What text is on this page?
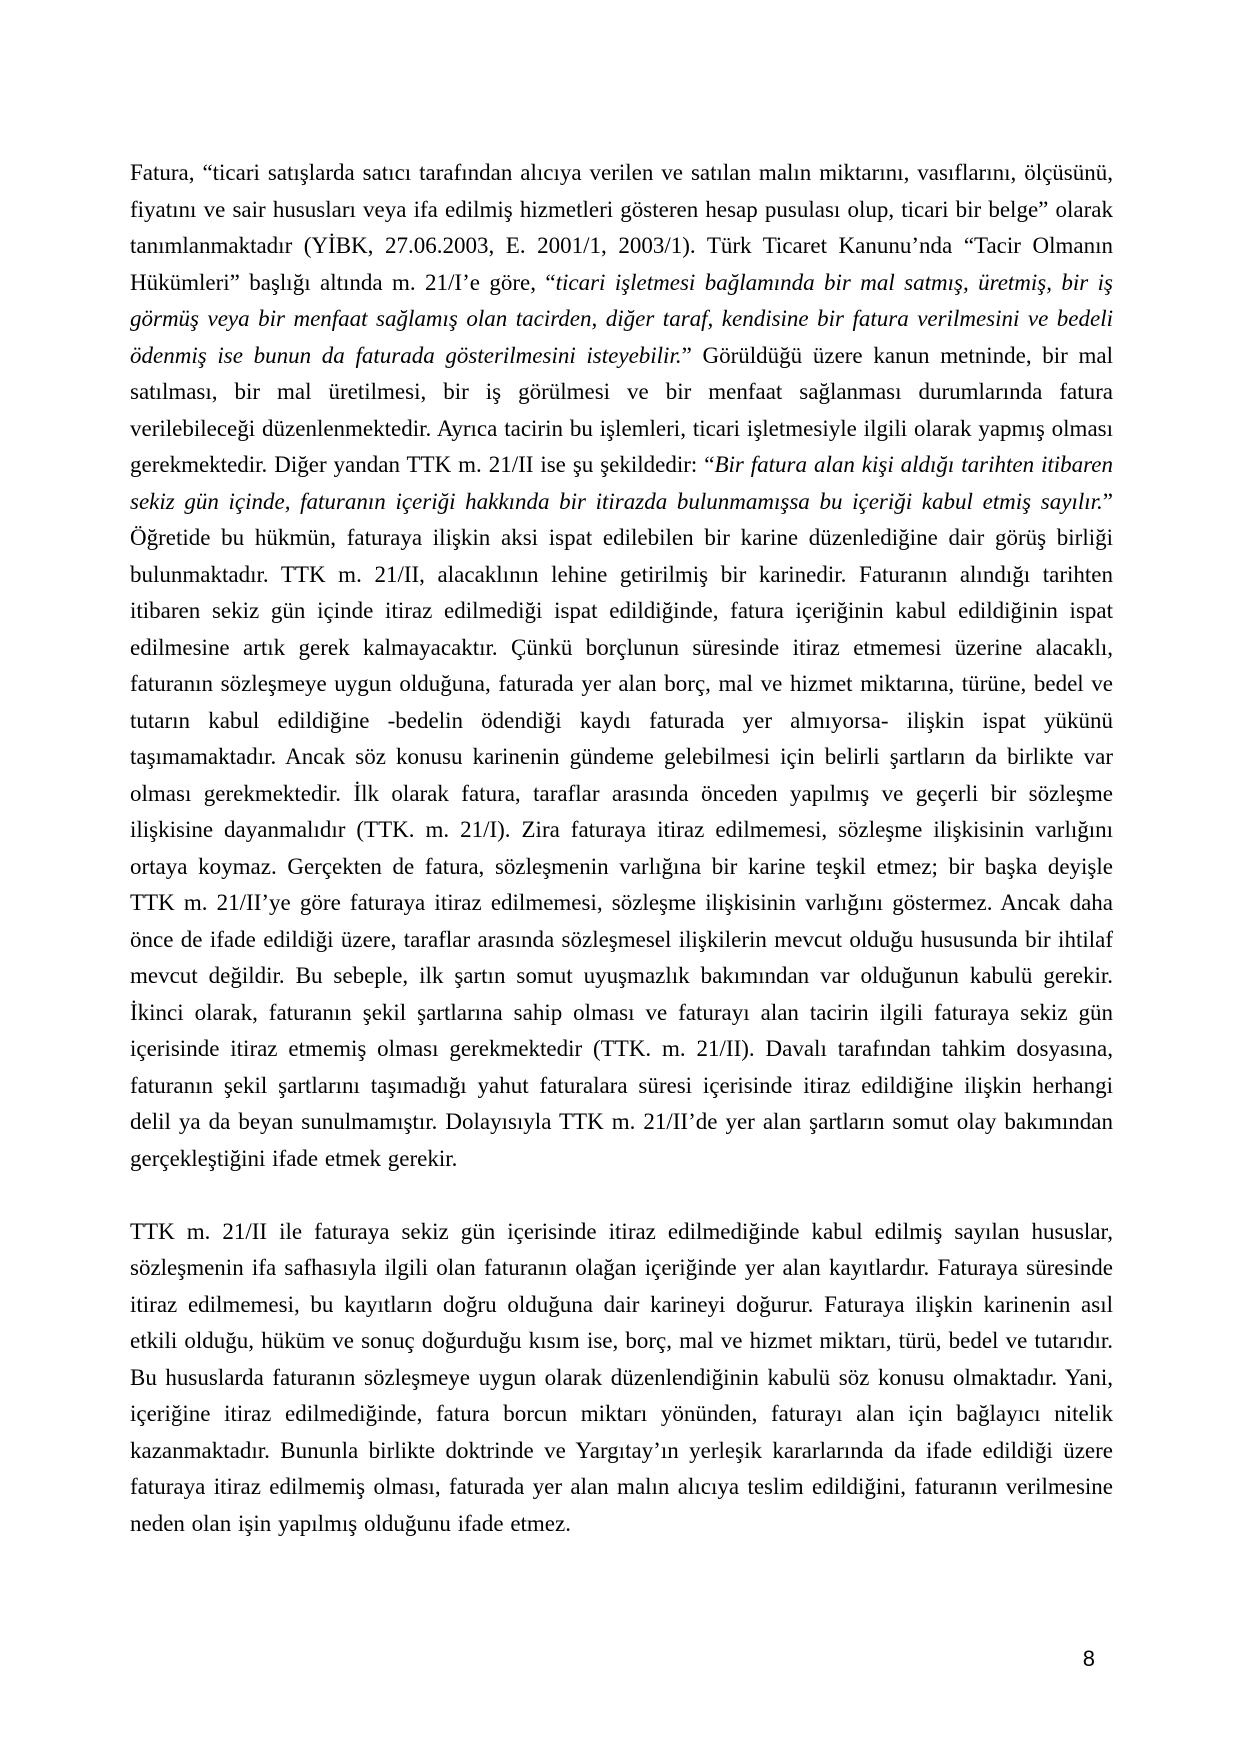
Fatura, “ticari satışlarda satıcı tarafından alıcıya verilen ve satılan malın miktarını, vasıflarını, ölçüsünü, fiyatını ve sair hususları veya ifa edilmiş hizmetleri gösteren hesap pusulası olup, ticari bir belge” olarak tanımlanmaktadır (YİBK, 27.06.2003, E. 2001/1, 2003/1). Türk Ticaret Kanunu’nda “Tacir Olmanın Hükümleri” başlığı altında m. 21/I’e göre, “ticari işletmesi bağlamında bir mal satmış, üretmiş, bir iş görmüş veya bir menfaat sağlamış olan tacirden, diğer taraf, kendisine bir fatura verilmesini ve bedeli ödenmiş ise bunun da faturada gösterilmesini isteyebilir.” Görüldüğü üzere kanun metninde, bir mal satılması, bir mal üretilmesi, bir iş görülmesi ve bir menfaat sağlanması durumlarında fatura verilebileceği düzenlenmektedir. Ayrıca tacirin bu işlemleri, ticari işletmesiyle ilgili olarak yapmış olması gerekmektedir. Diğer yandan TTK m. 21/II ise şu şekildedir: “Bir fatura alan kişi aldığı tarihten itibaren sekiz gün içinde, faturanın içeriği hakkında bir itirazda bulunmamışsa bu içeriği kabul etmiş sayılır.” Öğretide bu hükmün, faturaya ilişkin aksi ispat edilebilen bir karine düzenlediğine dair görüş birliği bulunmaktadır. TTK m. 21/II, alacaklının lehine getirilmiş bir karinedir. Faturanın alındığı tarihten itibaren sekiz gün içinde itiraz edilmediği ispat edildiğinde, fatura içeriğinin kabul edildiğinin ispat edilmesine artık gerek kalmayacaktır. Çünkü borçlunun süresinde itiraz etmemesi üzerine alacaklı, faturanın sözleşmeye uygun olduğuna, faturada yer alan borç, mal ve hizmet miktarına, türüne, bedel ve tutarın kabul edildiğine -bedelin ödendiği kaydı faturada yer almıyorsa- ilişkin ispat yükünü taşımamaktadır. Ancak söz konusu karinenin gündeme gelebilmesi için belirli şartların da birlikte var olması gerekmektedir. İlk olarak fatura, taraflar arasında önceden yapılmış ve geçerli bir sözleşme ilişkisine dayanmalıdır (TTK. m. 21/I). Zira faturaya itiraz edilmemesi, sözleşme ilişkisinin varlığını ortaya koymaz. Gerçekten de fatura, sözleşmenin varlığına bir karine teşkil etmez; bir başka deyişle TTK m. 21/II’ye göre faturaya itiraz edilmemesi, sözleşme ilişkisinin varlığını göstermez. Ancak daha önce de ifade edildiği üzere, taraflar arasında sözleşmesel ilişkilerin mevcut olduğu hususunda bir ihtilaf mevcut değildir. Bu sebeple, ilk şartın somut uyuşmazlık bakımından var olduğunun kabulü gerekir. İkinci olarak, faturanın şekil şartlarına sahip olması ve faturayı alan tacirin ilgili faturaya sekiz gün içerisinde itiraz etmemiş olması gerekmektedir (TTK. m. 21/II). Davalı tarafından tahkim dosyasına, faturanın şekil şartlarını taşımadığı yahut faturalara süresi içerisinde itiraz edildiğine ilişkin herhangi delil ya da beyan sunulmamıştır. Dolayısıyla TTK m. 21/II’de yer alan şartların somut olay bakımından gerçekleştiğini ifade etmek gerekir.

TTK m. 21/II ile faturaya sekiz gün içerisinde itiraz edilmediğinde kabul edilmiş sayılan hususlar, sözleşmenin ifa safhasıyla ilgili olan faturanın olağan içeriğinde yer alan kayıtlardır. Faturaya süresinde itiraz edilmemesi, bu kayıtların doğru olduğuna dair karineyi doğurur. Faturaya ilişkin karinenin asıl etkili olduğu, hüküm ve sonuç doğurduğu kısım ise, borç, mal ve hizmet miktarı, türü, bedel ve tutarıdır. Bu hususlarda faturanın sözleşmeye uygun olarak düzenlendiğinin kabulü söz konusu olmaktadır. Yani, içeriğine itiraz edilmediğinde, fatura borcun miktarı yönünden, faturayı alan için bağlayıcı nitelik kazanmaktadır. Bununla birlikte doktrinde ve Yargıtay’ın yerleşik kararlarında da ifade edildiği üzere faturaya itiraz edilmemiş olması, faturada yer alan malın alıcıya teslim edildiğini, faturanın verilmesine neden olan işin yapılmış olduğunu ifade etmez.

8
